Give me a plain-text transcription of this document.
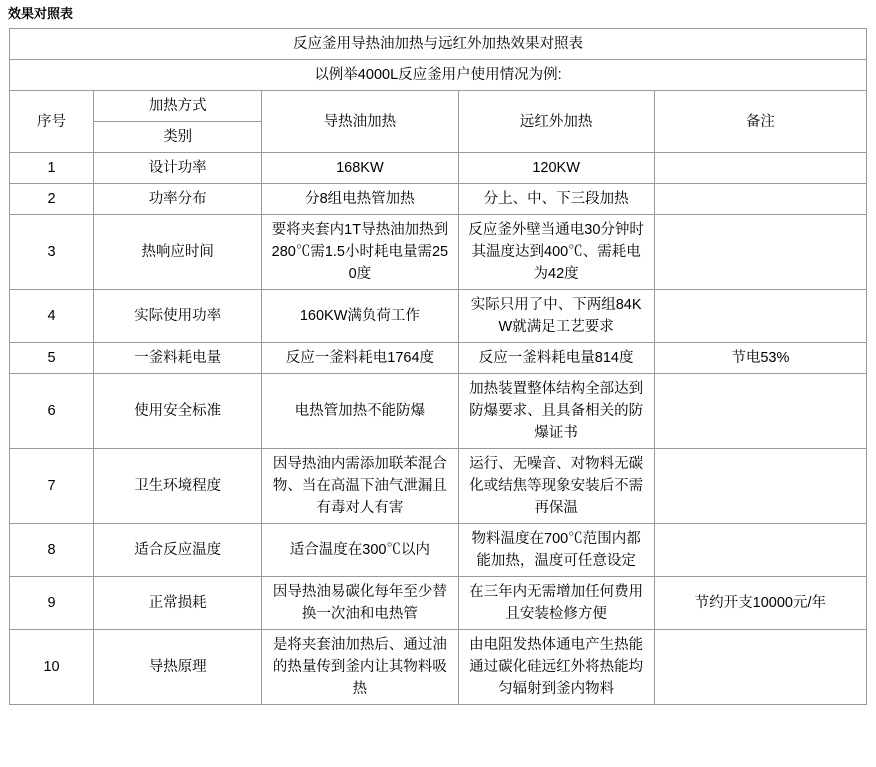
效果对照表
反应釜用导热油加热与远红外加热效果对照表				
以例举4000L反应釜用户使用情况为例:				
序号	加热方式	导热油加热	远红外加热	备注
	类别			
1	设计功率	168KW	120KW	
2	功率分布	分8组电热管加热	分上、中、下三段加热	
3	热响应时间	要将夹套内1T导热油加热到280℃需1.5小时耗电量需250度	反应釜外壁当通电30分钟时其温度达到400℃、需耗电为42度	
4	实际使用功率	160KW满负荷工作	实际只用了中、下两组84KW就满足工艺要求	
5	一釜料耗电量	反应一釜料耗电1764度	反应一釜料耗电量814度	节电53%
6	使用安全标准	电热管加热不能防爆	加热装置整体结构全部达到防爆要求、且具备相关的防爆证书	
7	卫生环境程度	因导热油内需添加联苯混合物、当在高温下油气泄漏且有毒对人有害	运行、无噪音、对物料无碳化或结焦等现象安装后不需再保温	
8	适合反应温度	适合温度在300℃以内	物料温度在700℃范围内都能加热，温度可任意设定	
9	正常损耗	因导热油易碳化每年至少替换一次油和电热管	在三年内无需增加任何费用且安装检修方便	节约开支10000元/年
10	导热原理	是将夹套油加热后、通过油的热量传到釜内让其物料吸热	由电阻发热体通电产生热能通过碳化硅远红外将热能均匀辐射到釜内物料	
